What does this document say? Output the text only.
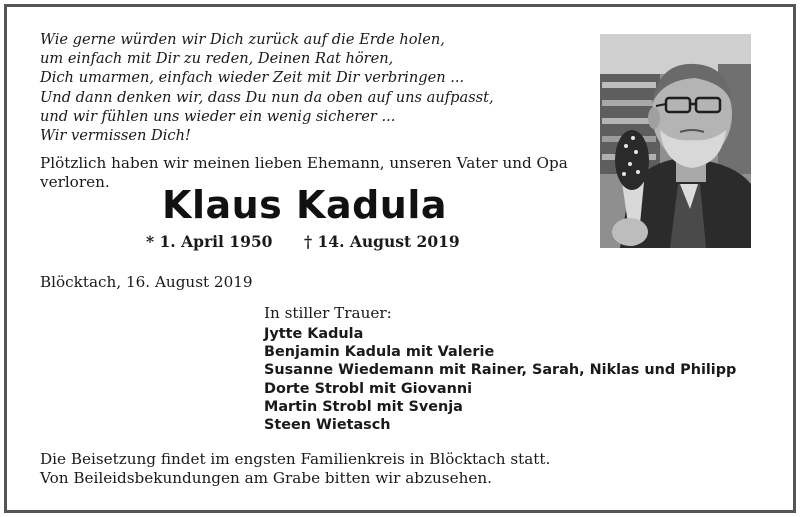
Wie gerne würden wir Dich zurück auf die Erde holen,
um einfach mit Dir zu reden, Deinen Rat hören,
Dich umarmen, einfach wieder Zeit mit Dir verbringen ...
Und dann denken wir, dass Du nun da oben auf uns aufpasst,
und wir fühlen uns wieder ein wenig sicherer ...
Wir vermissen Dich!
Plötzlich haben wir meinen lieben Ehemann, unseren Vater und Opa verloren.
Klaus Kadula
* 1. April 1950 † 14. August 2019
Blöcktach, 16. August 2019
In stiller Trauer:
Jytte Kadula
Benjamin Kadula mit Valerie
Susanne Wiedemann mit Rainer, Sarah, Niklas und Philipp
Dorte Strobl mit Giovanni
Martin Strobl mit Svenja
Steen Wietasch
Die Beisetzung findet im engsten Familienkreis in Blöcktach statt.
Von Beileidsbekundungen am Grabe bitten wir abzusehen.
